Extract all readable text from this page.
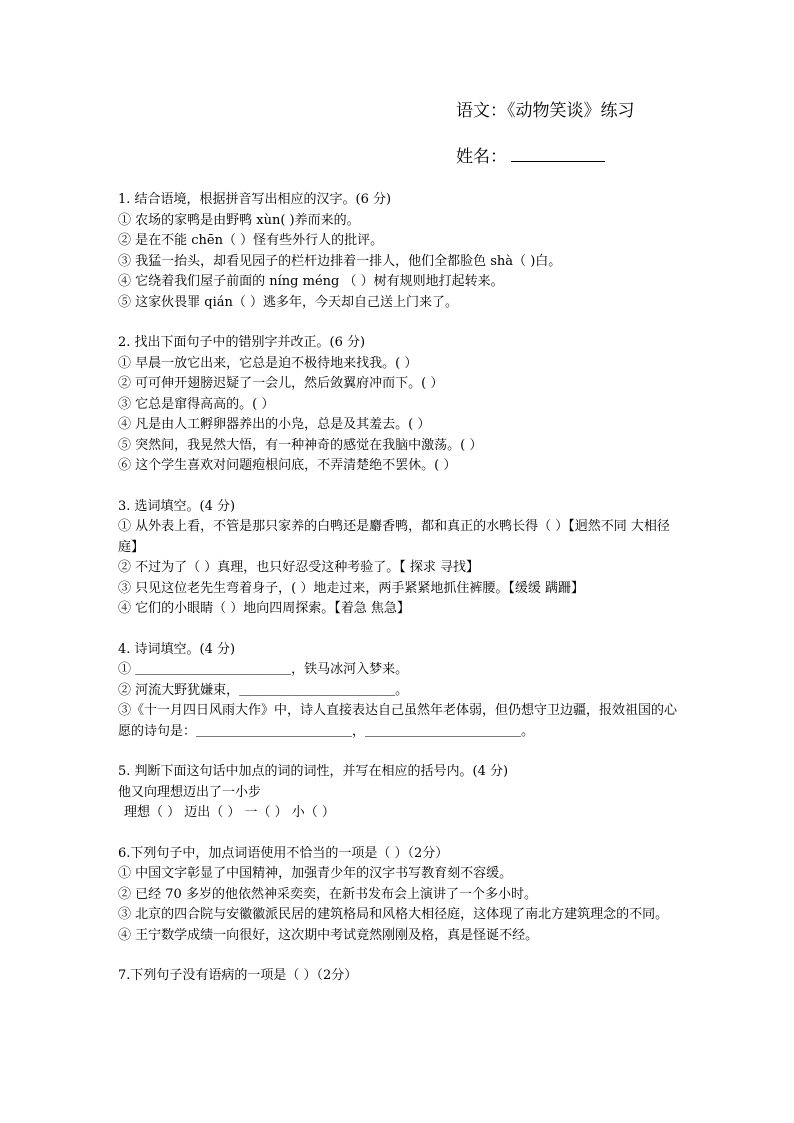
语文：《动物笑谈》练习
姓名：
1. 结合语境，根据拼音写出相应的汉字。(6 分)
① 农场的家鸭是由野鸭 xùn( )养而来的。
② 是在不能 chēn（ ）怪有些外行人的批评。
③ 我猛一抬头，却看见园子的栏杆边排着一排人，他们全都脸色 shà（ )白。
④ 它绕着我们屋子前面的 níng méng （ ）树有规则地打起转来。
⑤ 这家伙畏罪 qián（ ）逃多年，今天却自己送上门来了。
2. 找出下面句子中的错别字并改正。(6 分)
① 早晨一放它出来，它总是迫不极待地来找我。( ）
② 可可伸开翅膀迟疑了一会儿，然后敛翼府冲而下。( ）
③ 它总是窜得高高的。( ）
④ 凡是由人工孵卵器养出的小凫，总是及其羞去。( ）
⑤ 突然间，我晃然大悟，有一种神奇的感觉在我脑中激荡。( ）
⑥ 这个学生喜欢对问题疱根问底，不弄清楚绝不罢休。( ）
3. 选词填空。(4 分)
① 从外表上看，不管是那只家养的白鸭还是麝香鸭，都和真正的水鸭长得（ ）【迥然不同 大相径庭】
② 不过为了（ ）真理，也只好忍受这种考验了。【 探求 寻找】
③ 只见这位老先生弯着身子，( ）地走过来，两手紧紧地抓住裤腰。【缓缓 蹒跚】
④ 它们的小眼睛（ ）地向四周探索。【着急 焦急】
4. 诗词填空。(4 分)
① ＿＿＿＿＿＿＿＿＿＿＿＿，铁马冰河入梦来。
② 河流大野犹嫌束，＿＿＿＿＿＿＿＿＿＿＿＿。
③《十一月四日风雨大作》中，诗人直接表达自己虽然年老体弱，但仍想守卫边疆，报效祖国的心愿的诗句是：＿＿＿＿＿＿＿＿＿＿＿＿，＿＿＿＿＿＿＿＿＿＿＿＿。
5. 判断下面这句话中加点的词的词性，并写在相应的括号内。(4 分)
他又向理想迈出了一小步
理想（ ） 迈出（ ） 一（ ） 小（ ）
6.下列句子中，加点词语使用不恰当的一项是（ ）（2分）
① 中国文字彰显了中国精神，加强青少年的汉字书写教育刻不容缓。
② 已经 70 多岁的他依然神采奕奕，在新书发布会上演讲了一个多小时。
③ 北京的四合院与安徽徽派民居的建筑格局和风格大相径庭，这体现了南北方建筑理念的不同。
④ 王宁数学成绩一向很好，这次期中考试竟然刚刚及格，真是怪诞不经。
7.下列句子没有语病的一项是（ ）（2分）
